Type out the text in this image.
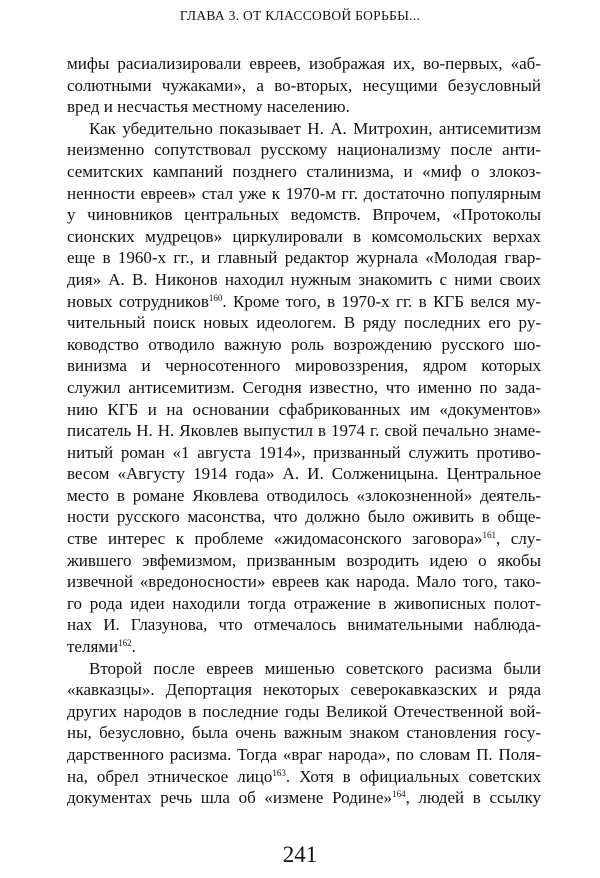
ГЛАВА 3. ОТ КЛАССОВОЙ БОРЬБЫ...
мифы расиализировали евреев, изображая их, во-первых, «аб-
солютными чужаками», а во-вторых, несущими безусловный
вред и несчастья местному населению.
Как убедительно показывает Н. А. Митрохин, антисемитизм
неизменно сопутствовал русскому национализму после анти-
семитских кампаний позднего сталинизма, и «миф о злокоз-
ненности евреев» стал уже к 1970-м гг. достаточно популярным
у чиновников центральных ведомств. Впрочем, «Протоколы
сионских мудрецов» циркулировали в комсомольских верхах
еще в 1960-х гг., и главный редактор журнала «Молодая гвар-
дия» А. В. Никонов находил нужным знакомить с ними своих
новых сотрудников$^{160}$. Кроме того, в 1970-х гг. в КГБ велся му-
чительный поиск новых идеологем. В ряду последних его ру-
ководство отводило важную роль возрождению русского шо-
винизма и черносотенного мировоззрения, ядром которых
служил антисемитизм. Сегодня известно, что именно по зада-
нию КГБ и на основании сфабрикованных им «документов»
писатель Н. Н. Яковлев выпустил в 1974 г. свой печально знаме-
нитый роман «1 августа 1914», призванный служить противо-
весом «Августу 1914 года» А. И. Солженицына. Центральное
место в романе Яковлева отводилось «злокозненной» деятель-
ности русского масонства, что должно было оживить в обще-
стве интерес к проблеме «жидомасонского заговора»$^{161}$, слу-
жившего эвфемизмом, призванным возродить идею о якобы
извечной «вредоносности» евреев как народа. Мало того, тако-
го рода идеи находили тогда отражение в живописных полот-
нах И. Глазунова, что отмечалось внимательными наблюда-
телями$^{162}$.
Второй после евреев мишенью советского расизма были
«кавказцы». Депортация некоторых северокавказских и ряда
других народов в последние годы Великой Отечественной вой-
ны, безусловно, была очень важным знаком становления госу-
дарственного расизма. Тогда «враг народа», по словам П. Поля-
на, обрел этническое лицо$^{163}$. Хотя в официальных советских
документах речь шла об «измене Родине»$^{164}$, людей в ссылку
241
